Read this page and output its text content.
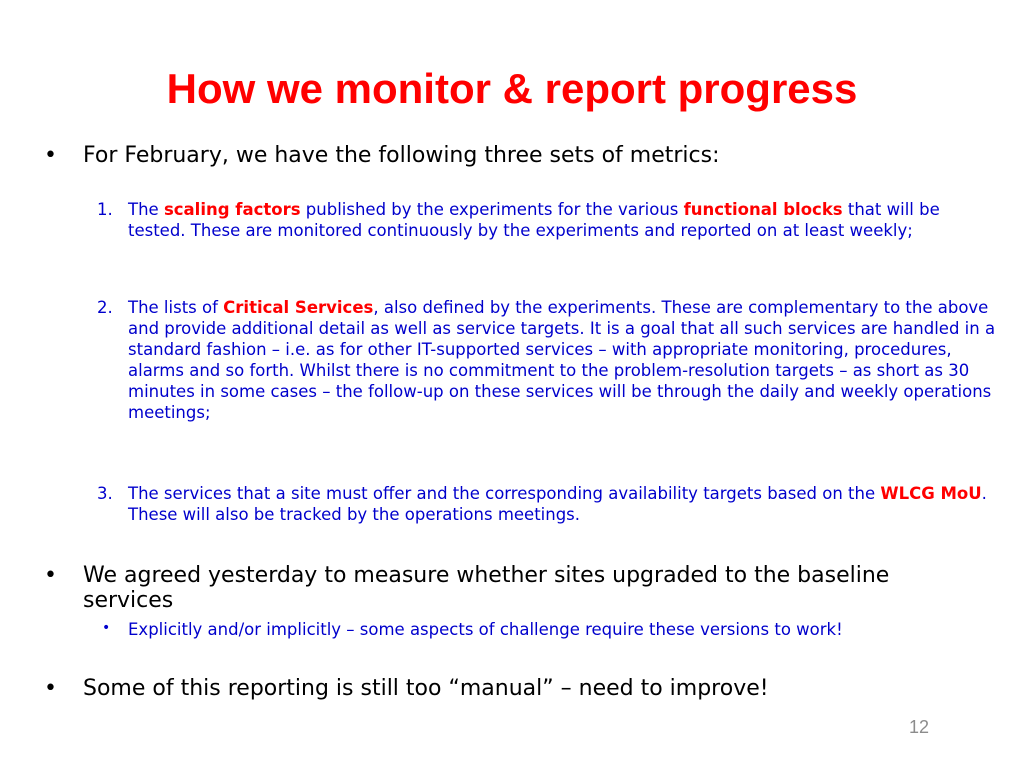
How we monitor & report progress
• For February, we have the following three sets of metrics:
1. The scaling factors published by the experiments for the various functional blocks that will be tested. These are monitored continuously by the experiments and reported on at least weekly;
2. The lists of Critical Services, also defined by the experiments. These are complementary to the above and provide additional detail as well as service targets. It is a goal that all such services are handled in a standard fashion – i.e. as for other IT-supported services – with appropriate monitoring, procedures, alarms and so forth. Whilst there is no commitment to the problem-resolution targets – as short as 30 minutes in some cases – the follow-up on these services will be through the daily and weekly operations meetings;
3. The services that a site must offer and the corresponding availability targets based on the WLCG MoU. These will also be tracked by the operations meetings.
• We agreed yesterday to measure whether sites upgraded to the baseline services
• Explicitly and/or implicitly – some aspects of challenge require these versions to work!
• Some of this reporting is still too “manual” – need to improve!
12
